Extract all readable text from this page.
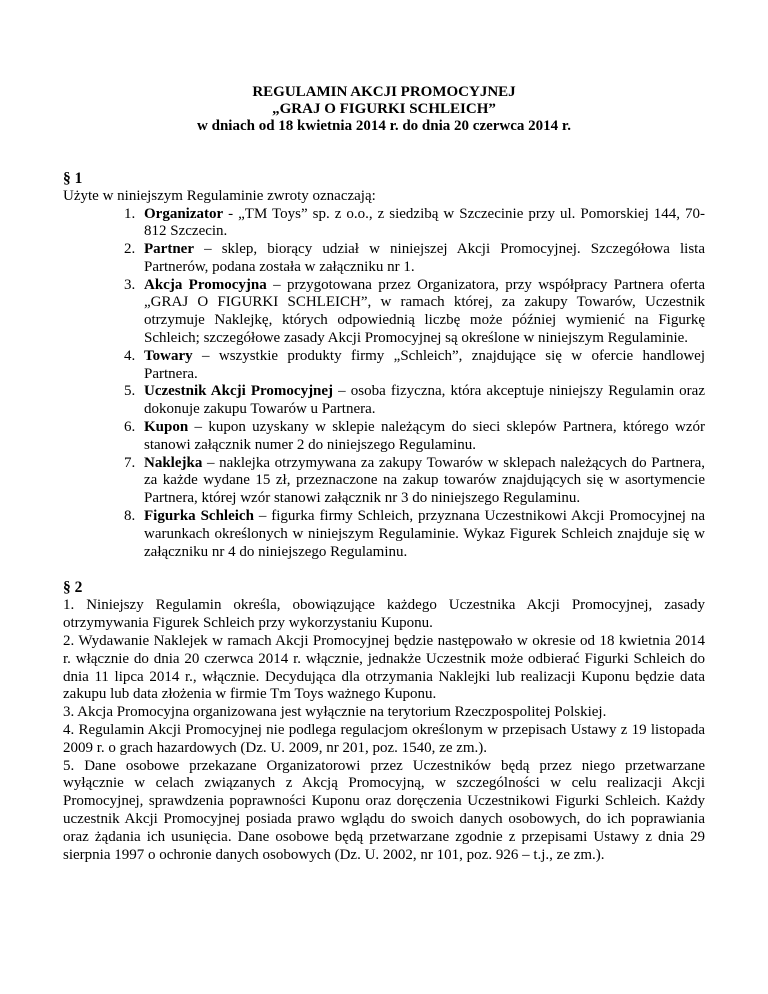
REGULAMIN AKCJI PROMOCYJNEJ
„GRAJ O FIGURKI SCHLEICH”
w dniach od 18 kwietnia 2014 r. do dnia 20 czerwca 2014 r.
§ 1
Użyte w niniejszym Regulaminie zwroty oznaczają:
1. Organizator - „TM Toys” sp. z o.o., z siedzibą w Szczecinie przy ul. Pomorskiej 144, 70-812 Szczecin.
2. Partner – sklep, biorący udział w niniejszej Akcji Promocyjnej. Szczegółowa lista Partnerów, podana została w załączniku nr 1.
3. Akcja Promocyjna – przygotowana przez Organizatora, przy współpracy Partnera oferta „GRAJ O FIGURKI SCHLEICH”, w ramach której, za zakupy Towarów, Uczestnik otrzymuje Naklejkę, których odpowiednią liczbę może później wymienić na Figurkę Schleich; szczegółowe zasady Akcji Promocyjnej są określone w niniejszym Regulaminie.
4. Towary – wszystkie produkty firmy „Schleich”, znajdujące się w ofercie handlowej Partnera.
5. Uczestnik Akcji Promocyjnej – osoba fizyczna, która akceptuje niniejszy Regulamin oraz dokonuje zakupu Towarów u Partnera.
6. Kupon – kupon uzyskany w sklepie należącym do sieci sklepów Partnera, którego wzór stanowi załącznik numer 2 do niniejszego Regulaminu.
7. Naklejka – naklejka otrzymywana za zakupy Towarów w sklepach należących do Partnera, za każde wydane 15 zł, przeznaczone na zakup towarów znajdujących się w asortymencie Partnera, której wzór stanowi załącznik nr 3 do niniejszego Regulaminu.
8. Figurka Schleich – figurka firmy Schleich, przyznana Uczestnikowi Akcji Promocyjnej na warunkach określonych w niniejszym Regulaminie. Wykaz Figurek Schleich znajduje się w załączniku nr 4 do niniejszego Regulaminu.
§ 2
1. Niniejszy Regulamin określa, obowiązujące każdego Uczestnika Akcji Promocyjnej, zasady otrzymywania Figurek Schleich przy wykorzystaniu Kuponu.
2. Wydawanie Naklejek w ramach Akcji Promocyjnej będzie następowało w okresie od 18 kwietnia 2014 r. włącznie do dnia 20 czerwca 2014 r. włącznie, jednakże Uczestnik może odbierać Figurki Schleich do dnia 11 lipca 2014 r., włącznie. Decydująca dla otrzymania Naklejki lub realizacji Kuponu będzie data zakupu lub data złożenia w firmie Tm Toys ważnego Kuponu.
3. Akcja Promocyjna organizowana jest wyłącznie na terytorium Rzeczpospolitej Polskiej.
4. Regulamin Akcji Promocyjnej nie podlega regulacjom określonym w przepisach Ustawy z 19 listopada 2009 r. o grach hazardowych (Dz. U. 2009, nr 201, poz. 1540, ze zm.).
5. Dane osobowe przekazane Organizatorowi przez Uczestników będą przez niego przetwarzane wyłącznie w celach związanych z Akcją Promocyjną, w szczególności w celu realizacji Akcji Promocyjnej, sprawdzenia poprawności Kuponu oraz doręczenia Uczestnikowi Figurki Schleich. Każdy uczestnik Akcji Promocyjnej posiada prawo wglądu do swoich danych osobowych, do ich poprawiania oraz żądania ich usunięcia. Dane osobowe będą przetwarzane zgodnie z przepisami Ustawy z dnia 29 sierpnia 1997 o ochronie danych osobowych (Dz. U. 2002, nr 101, poz. 926 – t.j., ze zm.).
